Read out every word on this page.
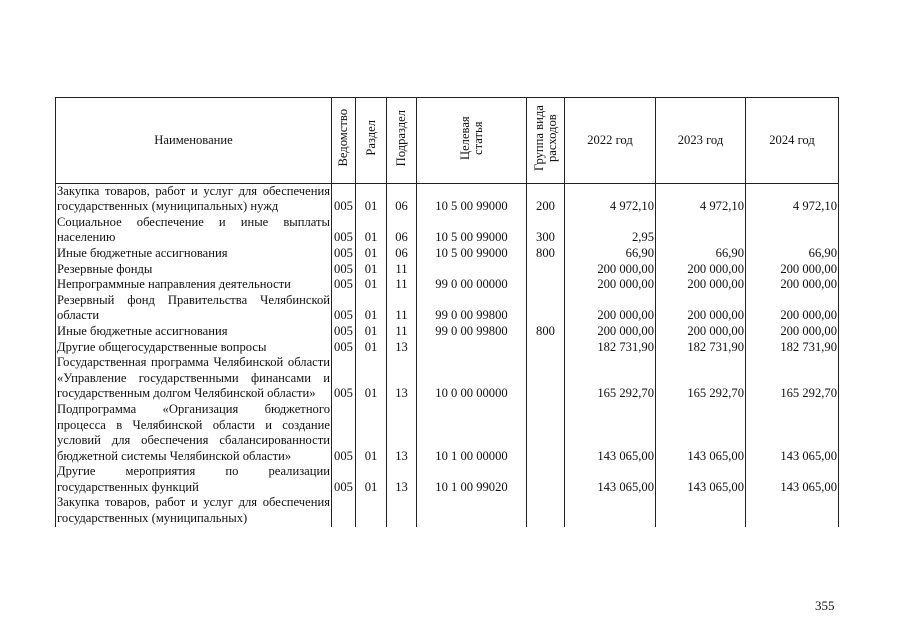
Наименование	Ведомство	Раздел	Подраздел	Целевая статья	Группа вида расходов	2022 год	2023 год	2024 год
Закупка товаров, работ и услуг для обеспечения государственных (муниципальных) нужд	005	01	06	10 5 00 99000	200	4 972,10	4 972,10	4 972,10
Социальное обеспечение и иные выплаты населению	005	01	06	10 5 00 99000	300	2,95		
Иные бюджетные ассигнования	005	01	06	10 5 00 99000	800	66,90	66,90	66,90
Резервные фонды	005	01	11			200 000,00	200 000,00	200 000,00
Непрограммные направления деятельности	005	01	11	99 0 00 00000		200 000,00	200 000,00	200 000,00
Резервный фонд Правительства Челябинской области	005	01	11	99 0 00 99800		200 000,00	200 000,00	200 000,00
Иные бюджетные ассигнования	005	01	11	99 0 00 99800	800	200 000,00	200 000,00	200 000,00
Другие общегосударственные вопросы	005	01	13			182 731,90	182 731,90	182 731,90
Государственная программа Челябинской области «Управление государственными финансами и государственным долгом Челябинской области»	005	01	13	10 0 00 00000		165 292,70	165 292,70	165 292,70
Подпрограмма «Организация бюджетного процесса в Челябинской области и создание условий для обеспечения сбалансированности бюджетной системы Челябинской области»	005	01	13	10 1 00 00000		143 065,00	143 065,00	143 065,00
Другие мероприятия по реализации государственных функций	005	01	13	10 1 00 99020		143 065,00	143 065,00	143 065,00
Закупка товаров, работ и услуг для обеспечения государственных (муниципальных)								
355
